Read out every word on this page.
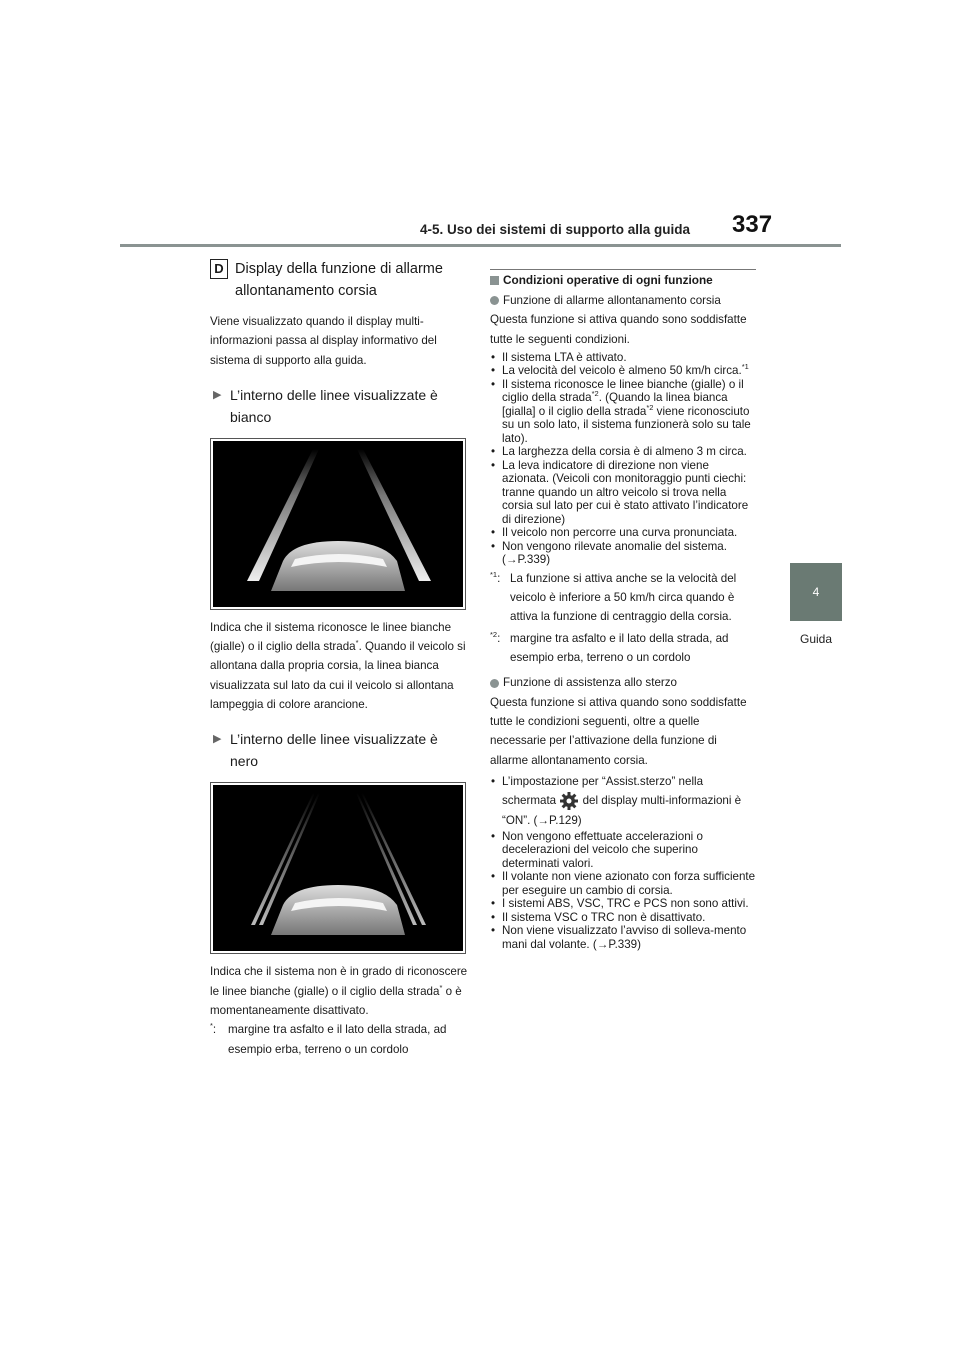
4-5. Uso dei sistemi di supporto alla guida 337
4
Guida
D Display della funzione di allarme allontanamento corsia

Viene visualizzato quando il display multi-informazioni passa al display informativo del sistema di supporto alla guida.

▶ L’interno delle linee visualizzate è bianco
Indica che il sistema riconosce le linee bianche (gialle) o il ciglio della strada*. Quando il veicolo si allontana dalla propria corsia, la linea bianca visualizzata sul lato da cui il veicolo si allontana lampeggia di colore arancione.
▶ L’interno delle linee visualizzate è nero
Indica che il sistema non è in grado di riconoscere le linee bianche (gialle) o il ciglio della strada* o è momentaneamente disattivato.
*:	margine tra asfalto e il lato della strada, ad esempio erba, terreno o un cordolo
Condizioni operative di ogni funzione
Funzione di allarme allontanamento corsia

Questa funzione si attiva quando sono soddisfatte tutte le seguenti condizioni.

• Il sistema LTA è attivato.
• La velocità del veicolo è almeno 50 km/h circa.$^{*1}$
• Il sistema riconosce le linee bianche (gialle) o il ciglio della strada$^{*2}$. (Quando la linea bianca [gialla] o il ciglio della strada$^{*2}$ viene riconosciuto su un solo lato, il sistema funzionerà solo su tale lato).
• La larghezza della corsia è di almeno 3 m circa.
• La leva indicatore di direzione non viene azionata. (Veicoli con monitoraggio punti ciechi: tranne quando un altro veicolo si trova nella corsia sul lato per cui è stato attivato l’indicatore di direzione)
• Il veicolo non percorre una curva pronunciata.
• Non vengono rilevate anomalie del sistema. (→P.339)
$^{*1}$: La funzione si attiva anche se la velocità del veicolo è inferiore a 50 km/h circa quando è attiva la funzione di centraggio della corsia.
$^{*2}$: margine tra asfalto e il lato della strada, ad esempio erba, terreno o un cordolo
Funzione di assistenza allo sterzo

Questa funzione si attiva quando sono soddisfatte tutte le condizioni seguenti, oltre a quelle necessarie per l’attivazione della funzione di allarme allontanamento corsia.

• L’impostazione per “Assist.sterzo” nella schermata del display multi-informazioni è “ON”. (→P.129)
• Non vengono effettuate accelerazioni o decelerazioni del veicolo che superino determinati valori.
• Il volante non viene azionato con forza sufficiente per eseguire un cambio di corsia.
• I sistemi ABS, VSC, TRC e PCS non sono attivi.
• Il sistema VSC o TRC non è disattivato.
• Non viene visualizzato l’avviso di solleva-mento mani dal volante. (→P.339)
